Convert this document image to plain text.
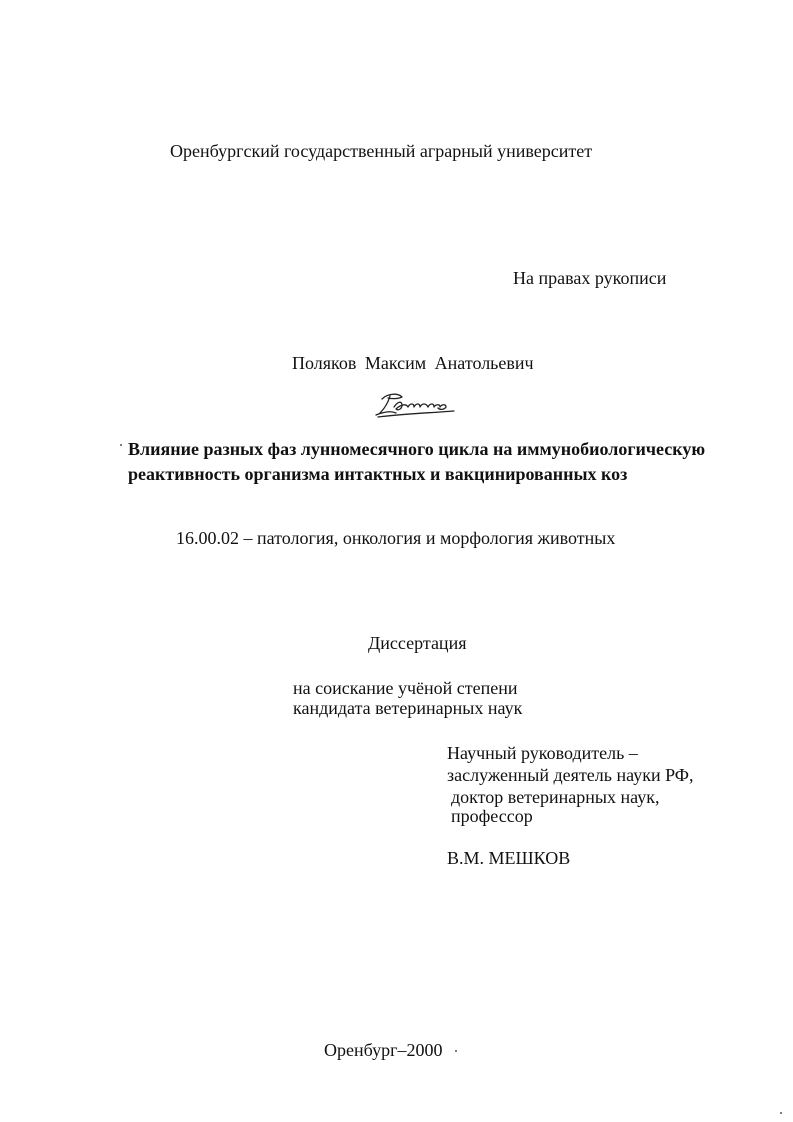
Оренбургский государственный аграрный университет
На правах рукописи
Поляков Максим Анатольевич
Влияние разных фаз лунномесячного цикла на иммунобиологическую
реактивность организма интактных и вакцинированных коз
16.00.02 – патология, онкология и морфология животных
Диссертация
на соискание учёной степени
кандидата ветеринарных наук
Научный руководитель –
заслуженный деятель науки РФ,
доктор ветеринарных наук,
профессор
В.М. МЕШКОВ
Оренбург–2000
